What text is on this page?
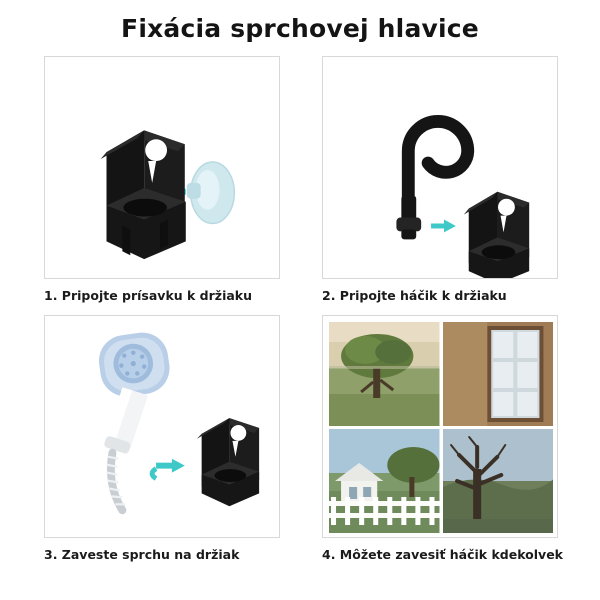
Fixácia sprchovej hlavice
1. Pripojte prísavku k držiaku	2. Pripojte háčik k držiaku
3. Zaveste sprchu na držiak	4. Môžete zavesiť háčik kdekolvek
